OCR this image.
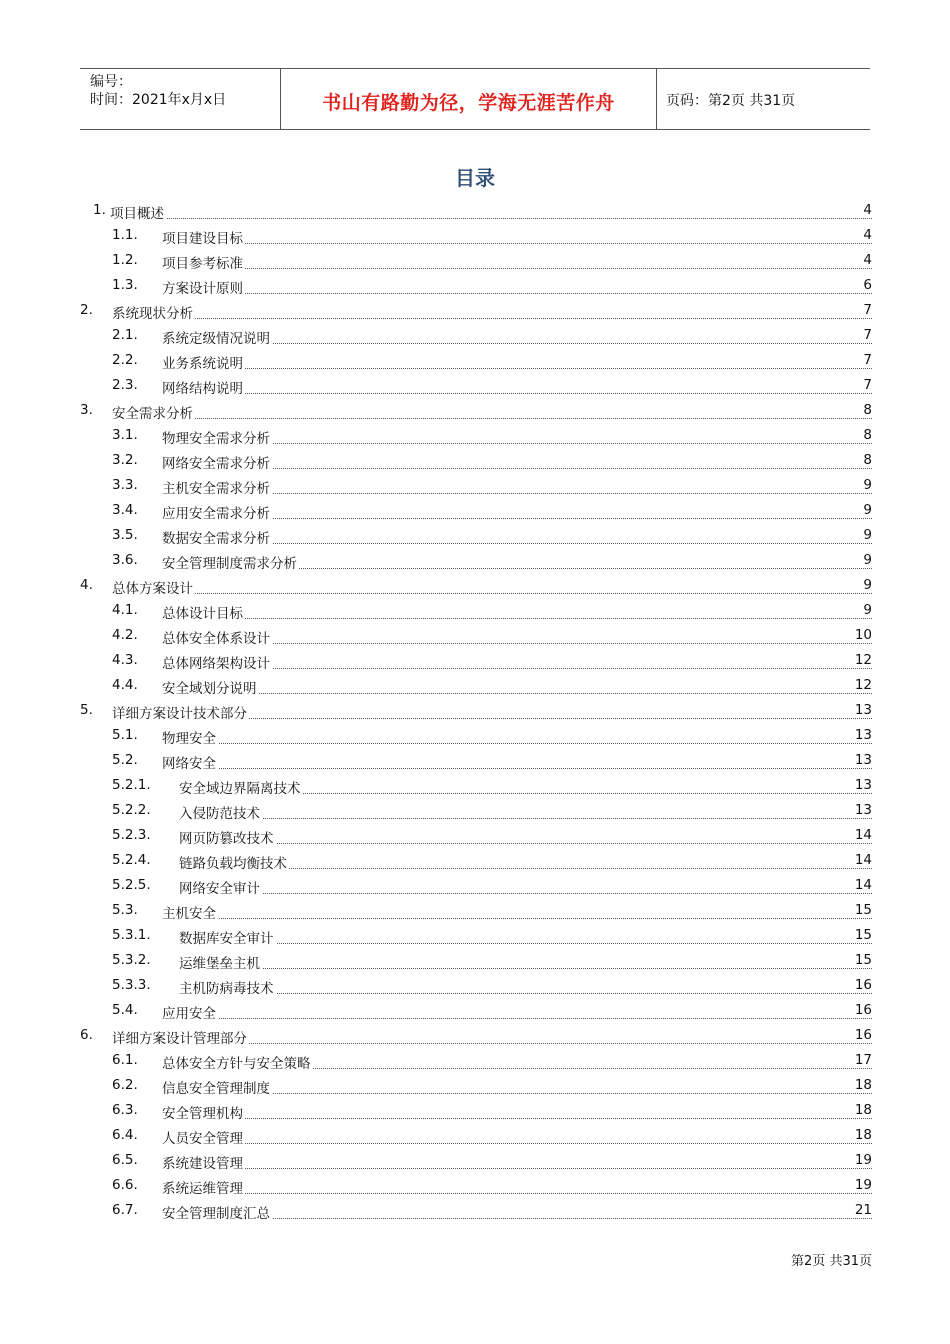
编号：
时间：2021年x月x日	书山有路勤为径，学海无涯苦作舟	页码：第2页 共31页
目录
1. 项目概述	4
1.1. 项目建设目标	4
1.2. 项目参考标准	4
1.3. 方案设计原则	6
2. 系统现状分析	7
2.1. 系统定级情况说明	7
2.2. 业务系统说明	7
2.3. 网络结构说明	7
3. 安全需求分析	8
3.1. 物理安全需求分析	8
3.2. 网络安全需求分析	8
3.3. 主机安全需求分析	9
3.4. 应用安全需求分析	9
3.5. 数据安全需求分析	9
3.6. 安全管理制度需求分析	9
4. 总体方案设计	9
4.1. 总体设计目标	9
4.2. 总体安全体系设计	10
4.3. 总体网络架构设计	12
4.4. 安全域划分说明	12
5. 详细方案设计技术部分	13
5.1. 物理安全	13
5.2. 网络安全	13
5.2.1. 安全域边界隔离技术	13
5.2.2. 入侵防范技术	13
5.2.3. 网页防篡改技术	14
5.2.4. 链路负载均衡技术	14
5.2.5. 网络安全审计	14
5.3. 主机安全	15
5.3.1. 数据库安全审计	15
5.3.2. 运维堡垒主机	15
5.3.3. 主机防病毒技术	16
5.4. 应用安全	16
6. 详细方案设计管理部分	16
6.1. 总体安全方针与安全策略	17
6.2. 信息安全管理制度	18
6.3. 安全管理机构	18
6.4. 人员安全管理	18
6.5. 系统建设管理	19
6.6. 系统运维管理	19
6.7. 安全管理制度汇总	21
第2页 共31页
